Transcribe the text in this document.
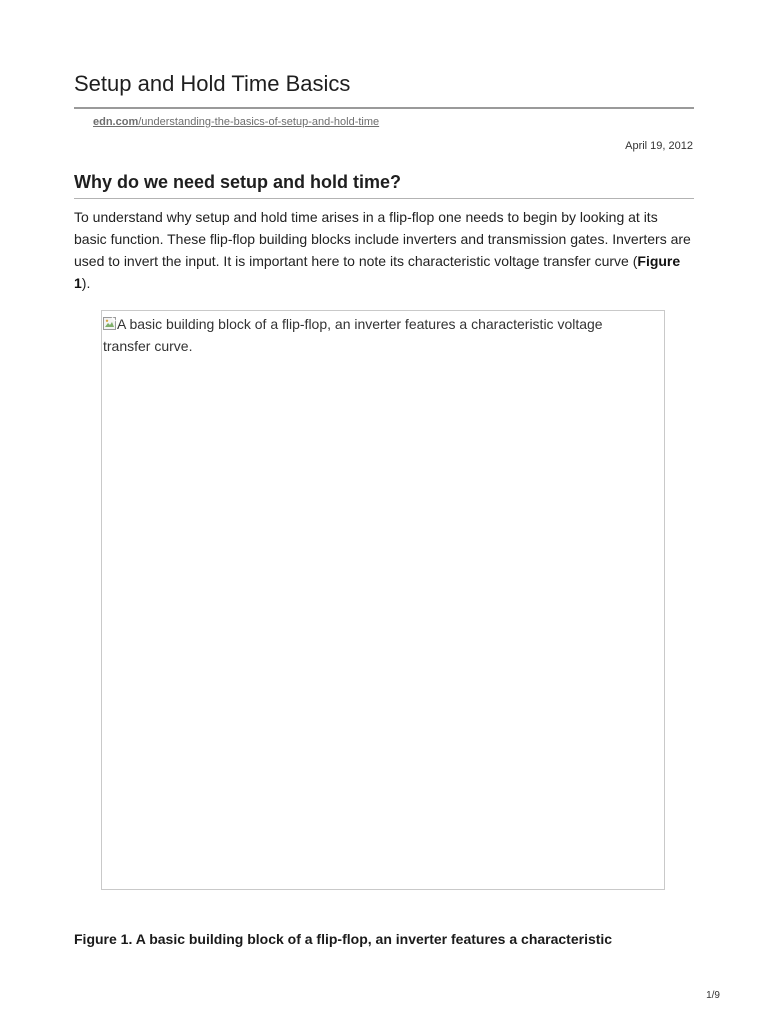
Setup and Hold Time Basics
edn.com/understanding-the-basics-of-setup-and-hold-time
April 19, 2012
Why do we need setup and hold time?

To understand why setup and hold time arises in a flip-flop one needs to begin by looking at its basic function. These flip-flop building blocks include inverters and transmission gates. Inverters are used to invert the input. It is important here to note its characteristic voltage transfer curve (Figure 1).

A basic building block of a flip-flop, an inverter features a characteristic voltage transfer curve.

Figure 1. A basic building block of a flip-flop, an inverter features a characteristic

1/9
